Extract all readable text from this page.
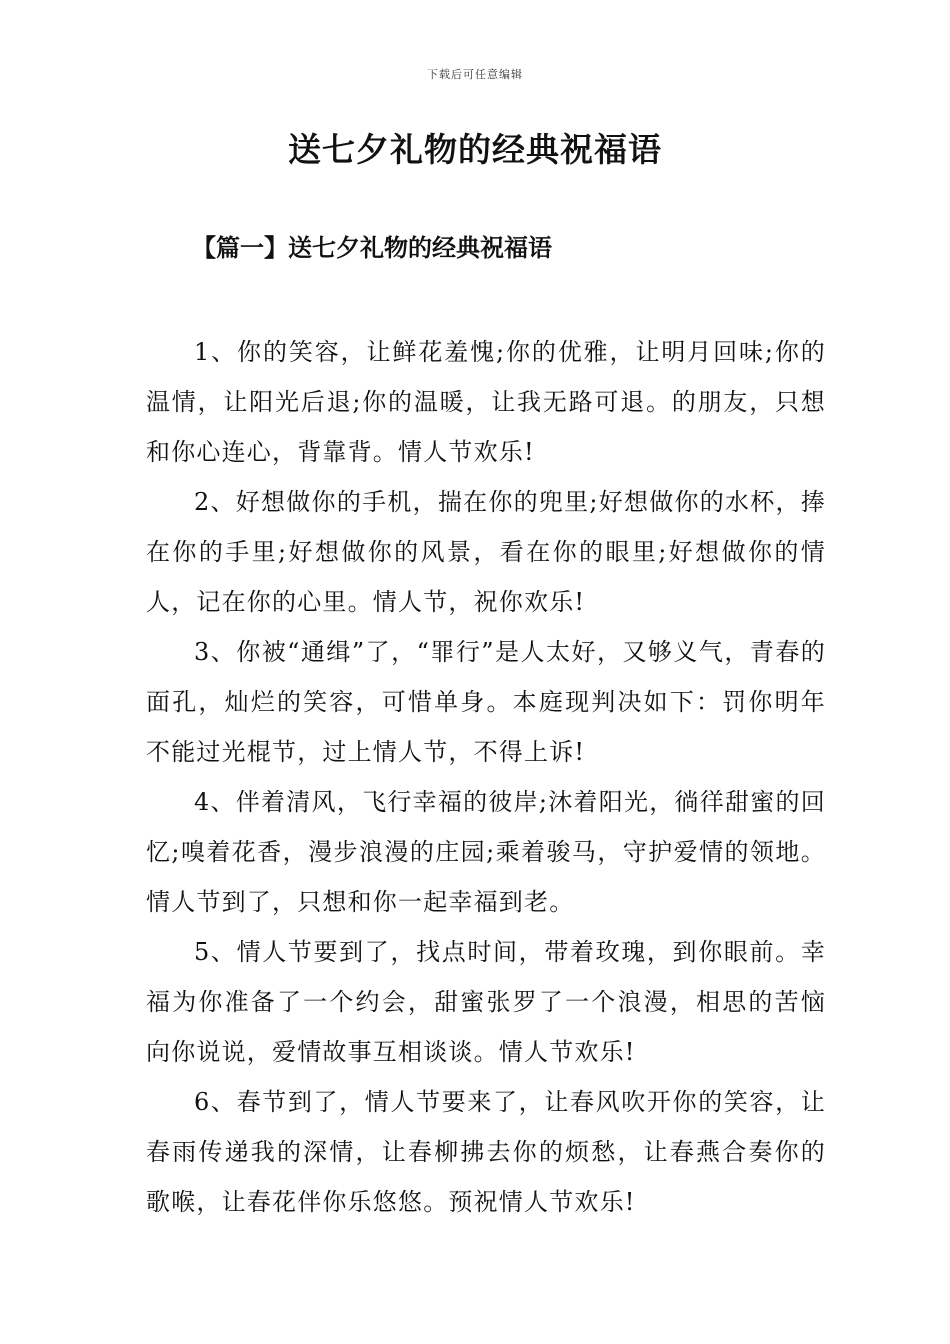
下载后可任意编辑
送七夕礼物的经典祝福语
【篇一】送七夕礼物的经典祝福语

1、你的笑容，让鲜花羞愧;你的优雅，让明月回味;你的温情，让阳光后退;你的温暖，让我无路可退。的朋友，只想和你心连心，背靠背。情人节欢乐!

2、好想做你的手机，揣在你的兜里;好想做你的水杯，捧在你的手里;好想做你的风景，看在你的眼里;好想做你的情人，记在你的心里。情人节，祝你欢乐!

3、你被“通缉”了，“罪行”是人太好，又够义气，青春的面孔，灿烂的笑容，可惜单身。本庭现判决如下：罚你明年不能过光棍节，过上情人节，不得上诉!

4、伴着清风，飞行幸福的彼岸;沐着阳光，徜徉甜蜜的回忆;嗅着花香，漫步浪漫的庄园;乘着骏马，守护爱情的领地。情人节到了，只想和你一起幸福到老。

5、情人节要到了，找点时间，带着玫瑰，到你眼前。幸福为你准备了一个约会，甜蜜张罗了一个浪漫，相思的苦恼向你说说，爱情故事互相谈谈。情人节欢乐!

6、春节到了，情人节要来了，让春风吹开你的笑容，让春雨传递我的深情，让春柳拂去你的烦愁，让春燕合奏你的歌喉，让春花伴你乐悠悠。预祝情人节欢乐!
